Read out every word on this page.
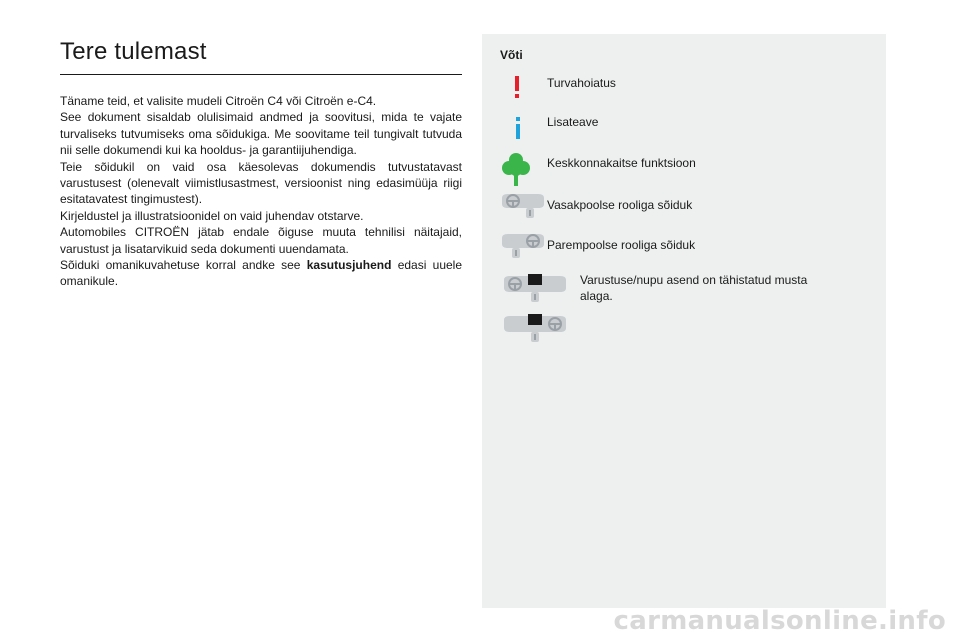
Tere tulemast

Täname teid, et valisite mudeli Citroën C4 või Citroën e-C4.

See dokument sisaldab olulisimaid andmed ja soovitusi, mida te vajate turvaliseks tutvumiseks oma sõidukiga. Me soovitame teil tungivalt tutvuda nii selle dokumendi kui ka hooldus- ja garantiijuhendiga.

Teie sõidukil on vaid osa käesolevas dokumendis tutvustatavast varustusest (olenevalt viimistlusastmest, versioonist ning edasimüüja riigi esitatavatest tingimustest).

Kirjeldustel ja illustratsioonidel on vaid juhendav otstarve.

Automobiles CITROËN jätab endale õiguse muuta tehnilisi näitajaid, varustust ja lisatarvikuid seda dokumenti uuendamata.

Sõiduki omanikuvahetuse korral andke see kasutusjuhend edasi uuele omanikule.

Võti
Turvahoiatus
Lisateave
Keskkonnakaitse funktsioon
Vasakpoolse rooliga sõiduk
Parempoolse rooliga sõiduk
Varustuse/nupu asend on tähistatud musta alaga.
carmanualsonline.info
